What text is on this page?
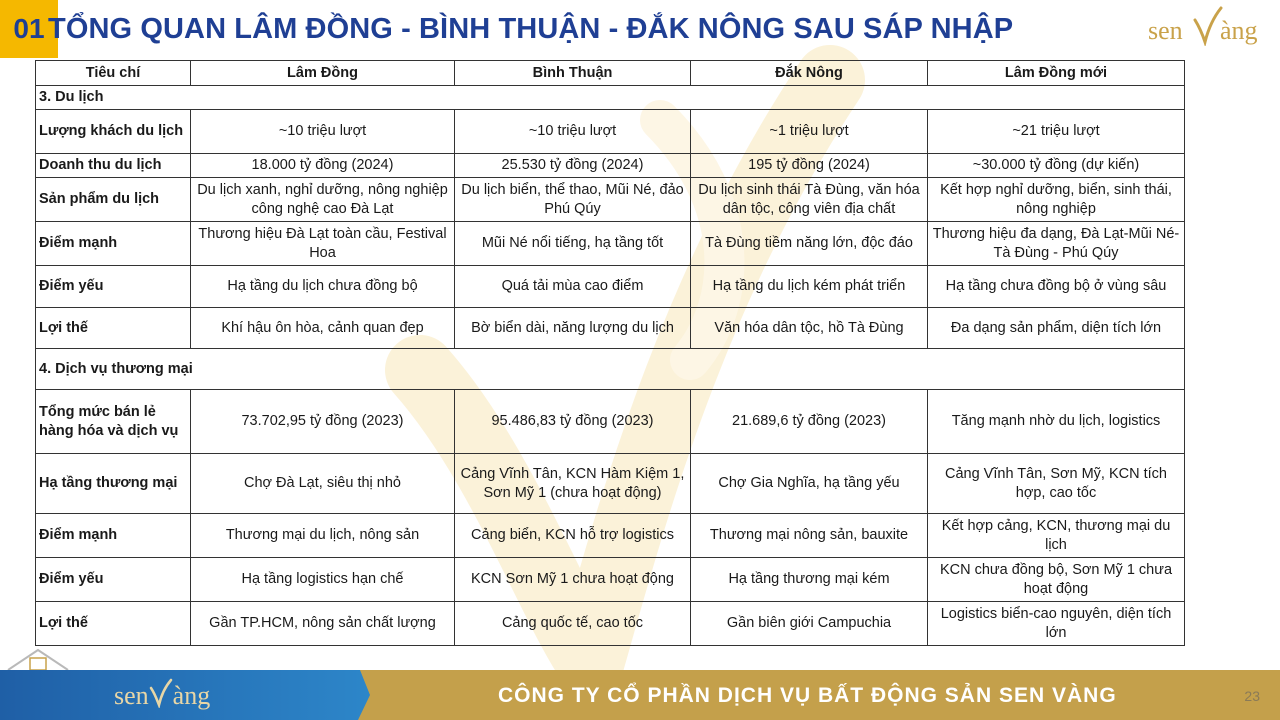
01 TỔNG QUAN LÂM ĐỒNG - BÌNH THUẬN - ĐẮK NÔNG SAU SÁP NHẬP	sen àng
Tiêu chí	Lâm Đồng	Bình Thuận	Đắk Nông	Lâm Đồng mới
3. Du lịch				
Lượng khách du lịch	~10 triệu lượt	~10 triệu lượt	~1 triệu lượt	~21 triệu lượt
Doanh thu du lịch	18.000 tỷ đồng (2024)	25.530 tỷ đồng (2024)	195 tỷ đồng (2024)	~30.000 tỷ đồng (dự kiến)
Sản phẩm du lịch	Du lịch xanh, nghỉ dưỡng, nông nghiệp công nghệ cao Đà Lạt	Du lịch biển, thể thao, Mũi Né, đảo Phú Qúy	Du lịch sinh thái Tà Đùng, văn hóa dân tộc, công viên địa chất	Kết hợp nghỉ dưỡng, biển, sinh thái, nông nghiệp
Điểm mạnh	Thương hiệu Đà Lạt toàn cầu, Festival Hoa	Mũi Né nổi tiếng, hạ tầng tốt	Tà Đùng tiềm năng lớn, độc đáo	Thương hiệu đa dạng, Đà Lạt-Mũi Né-Tà Đùng - Phú Qúy
Điểm yếu	Hạ tầng du lịch chưa đồng bộ	Quá tải mùa cao điểm	Hạ tầng du lịch kém phát triển	Hạ tầng chưa đồng bộ ở vùng sâu
Lợi thế	Khí hậu ôn hòa, cảnh quan đẹp	Bờ biển dài, năng lượng du lịch	Văn hóa dân tộc, hồ Tà Đùng	Đa dạng sản phẩm, diện tích lớn
4. Dịch vụ thương mại				
Tổng mức bán lẻ hàng hóa và dịch vụ	73.702,95 tỷ đồng (2023)	95.486,83 tỷ đồng (2023)	21.689,6 tỷ đồng (2023)	Tăng mạnh nhờ du lịch, logistics
Hạ tầng thương mại	Chợ Đà Lạt, siêu thị nhỏ	Cảng Vĩnh Tân, KCN Hàm Kiệm 1, Sơn Mỹ 1 (chưa hoạt động)	Chợ Gia Nghĩa, hạ tầng yếu	Cảng Vĩnh Tân, Sơn Mỹ, KCN tích hợp, cao tốc
Điểm mạnh	Thương mại du lịch, nông sản	Cảng biển, KCN hỗ trợ logistics	Thương mại nông sản, bauxite	Kết hợp cảng, KCN, thương mại du lịch
Điểm yếu	Hạ tầng logistics hạn chế	KCN Sơn Mỹ 1 chưa hoạt động	Hạ tầng thương mại kém	KCN chưa đồng bộ, Sơn Mỹ 1 chưa hoạt động
Lợi thế	Gần TP.HCM, nông sản chất lượng	Cảng quốc tế, cao tốc	Gần biên giới Campuchia	Logistics biển-cao nguyên, diện tích lớn
sen àng	CÔNG TY CỔ PHẦN DỊCH VỤ BẤT ĐỘNG SẢN SEN VÀNG	23
